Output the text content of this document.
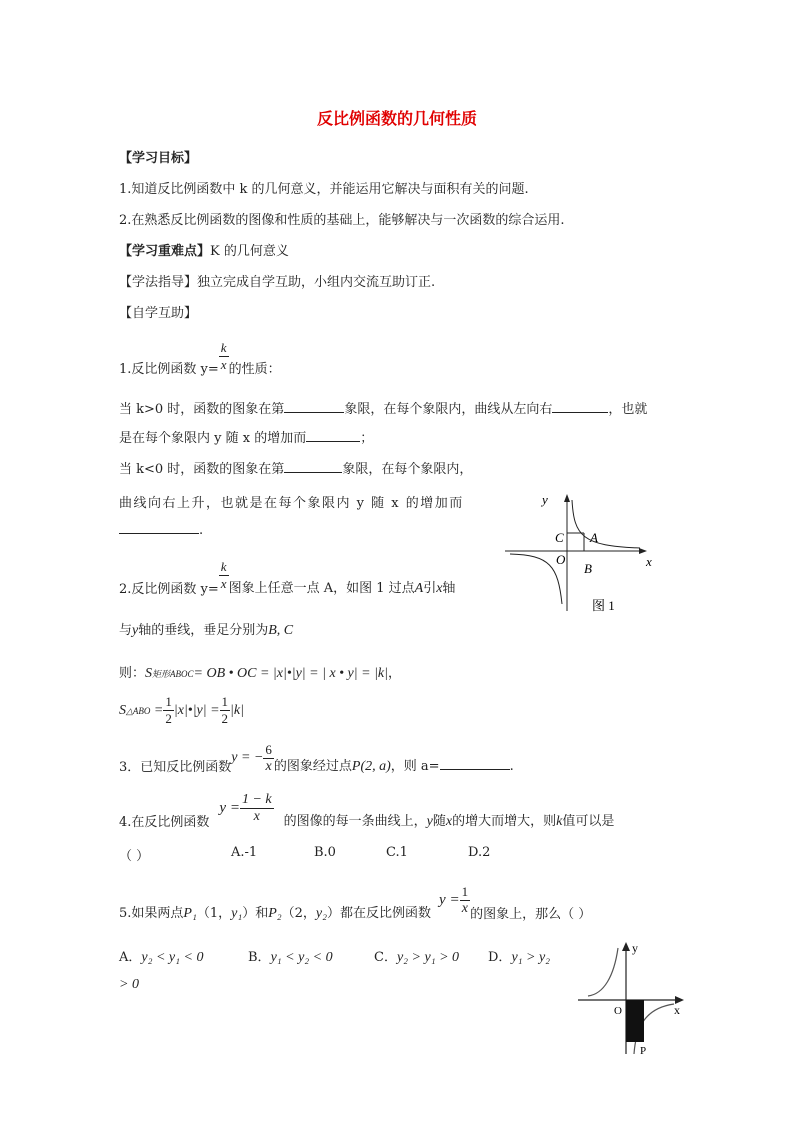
反比例函数的几何性质
【学习目标】
1.知道反比例函数中 k 的几何意义，并能运用它解决与面积有关的问题.
2.在熟悉反比例函数的图像和性质的基础上，能够解决与一次函数的综合运用.
【学习重难点】K 的几何意义
【学法指导】独立完成自学互助，小组内交流互助订正.
【自学互助】
1.反比例函数 $y= \frac{k}{x}$ 的性质：
当 k>0 时，函数的图象在第	象限，在每个象限内，曲线从左向右	，也就
是在每个象限内 y 随 x 的增加而	；
当 k<0 时，函数的图象在第	象限，在每个象限内，
曲线向右上升，也就是在每个象限内 y 随 x 的增加而
.
y
x
C A
O
B
图 1
2.反比例函数 $y= \frac{k}{x}$ 图象上任意一点 A，如图 1 过点A引x轴
与y轴的垂线，垂足分别为B, C
则：S矩形ABOC= OB • OC = |x|•|y| = | x • y| = |k|，
S△ABO = $\frac{1}{2}$ |x|•|y| = $\frac{1}{2} |k|$
3．已知反比例函数y = − $\frac{6}{x}$ 的图象经过点P(2, a)，则 a=	.
4.在反比例函数$y = \frac{1 - k}{x}$ 的图像的每一条曲线上，y随x的增大而增大，则k值可以是
（ ）	A.-1	B.0	C.1	D.2
5.如果两点P₁（1，y₁）和P₂（2，y₂）都在反比例函数$y = \frac{1}{x}$ 的图象上，那么（ ）
A．y₂ < y₁ < 0	B．y₁ < y₂ < 0	C．y₂ > y₁ > 0 D．y₁ > y₂
> 0
y
x
O
P
